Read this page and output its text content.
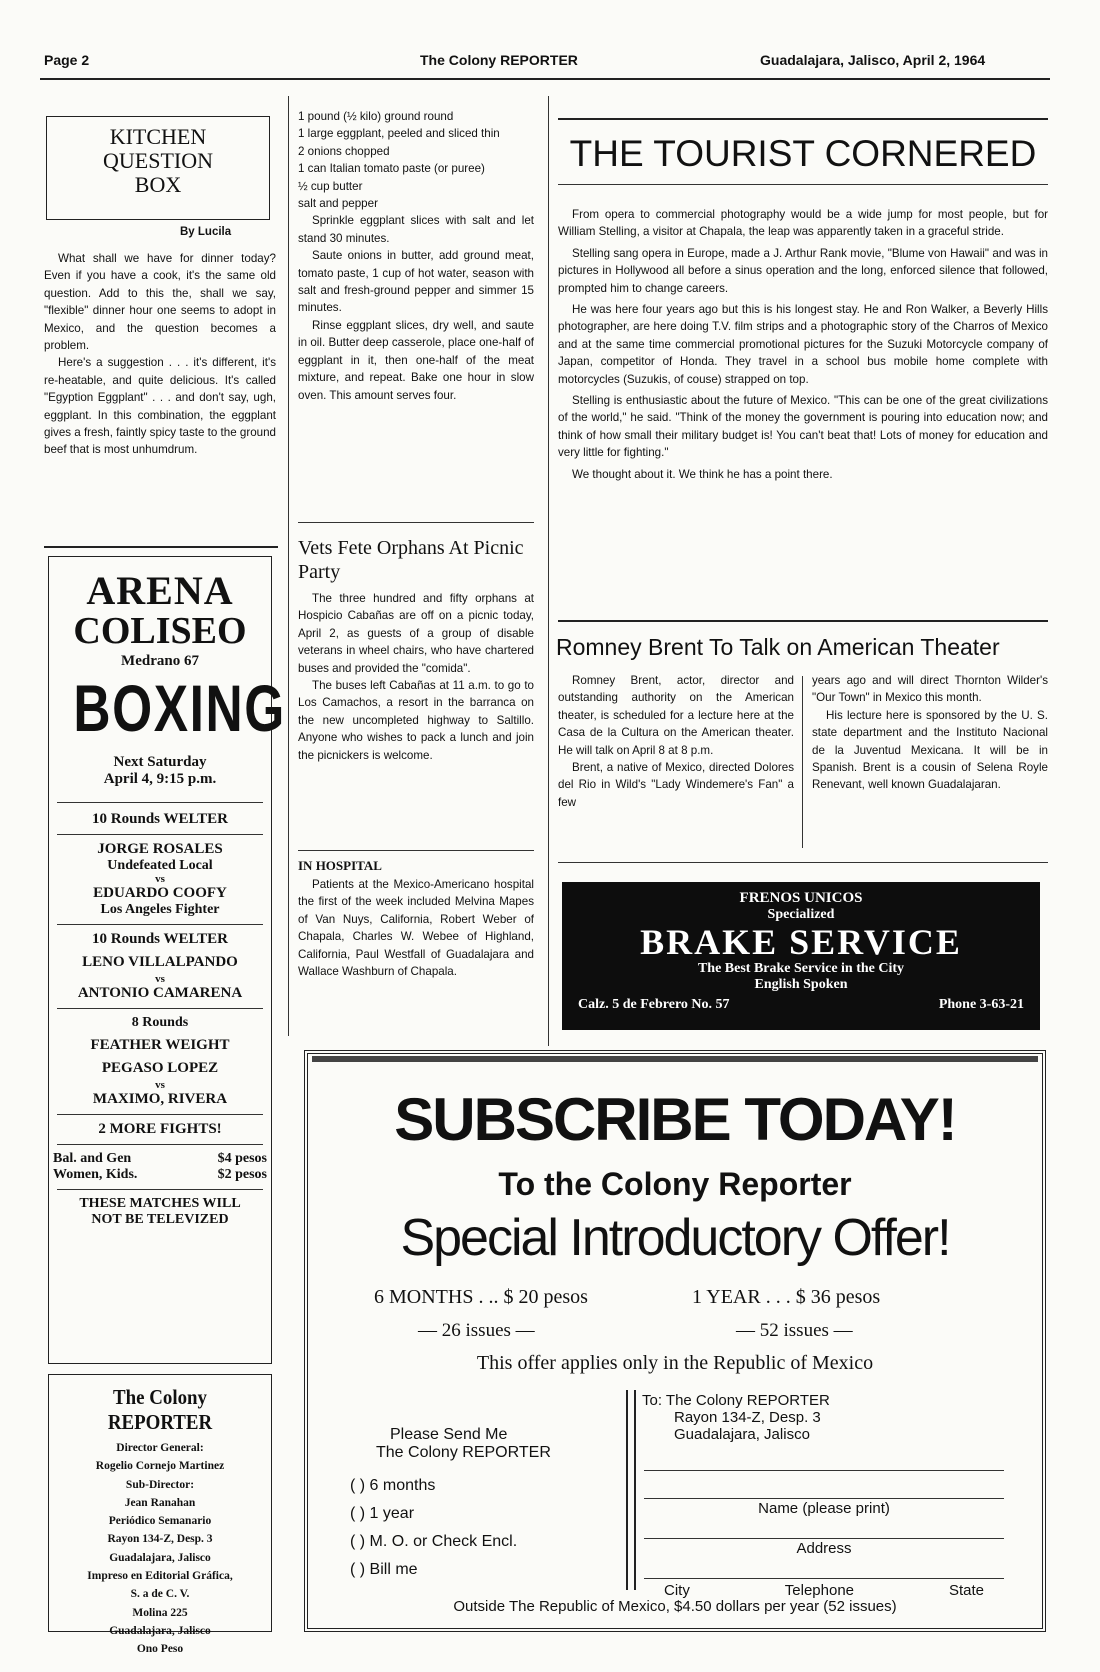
Page 2	The Colony REPORTER	Guadalajara, Jalisco, April 2, 1964
KITCHEN
QUESTION
BOX
By Lucila

What shall we have for dinner today? Even if you have a cook, it's the same old question. Add to this the, shall we say, "flexible" dinner hour one seems to adopt in Mexico, and the question becomes a problem.

Here's a suggestion . . . it's different, it's re-heatable, and quite delicious. It's called "Egyption Eggplant" . . . and don't say, ugh, eggplant. In this combination, the eggplant gives a fresh, faintly spicy taste to the ground beef that is most unhumdrum.

ARENA
COLISEO
Medrano 67
BOXING
Next Saturday
April 4, 9:15 p.m.
10 Rounds WELTER
JORGE ROSALES
Undefeated Local
vs
EDUARDO COOFY
Los Angeles Fighter
10 Rounds WELTER
LENO VILLALPANDO
vs
ANTONIO CAMARENA
8 Rounds
FEATHER WEIGHT
PEGASO LOPEZ
vs
MAXIMO, RIVERA
2 MORE FIGHTS!
Bal. and Gen	$4 pesos
Women, Kids.	$2 pesos
THESE MATCHES WILL
NOT BE TELEVIZED
The Colony REPORTER
Director General:
Rogelio Cornejo Martinez
Sub-Director:
Jean Ranahan
Periódico Semanario
Rayon 134-Z, Desp. 3
Guadalajara, Jalisco
Impreso en Editorial Gráfica,
S. a de C. V.
Molina 225
Guadalajara, Jalisco
Ono Peso

1 pound (½ kilo) ground round

1 large eggplant, peeled and sliced thin

2 onions chopped

1 can Italian tomato paste (or puree)

½ cup butter

salt and pepper

Sprinkle eggplant slices with salt and let stand 30 minutes.

Saute onions in butter, add ground meat, tomato paste, 1 cup of hot water, season with salt and fresh-ground pepper and simmer 15 minutes.

Rinse eggplant slices, dry well, and saute in oil. Butter deep casserole, place one-half of eggplant in it, then one-half of the meat mixture, and repeat. Bake one hour in slow oven. This amount serves four.

Vets Fete Orphans At Picnic Party

The three hundred and fifty orphans at Hospicio Cabañas are off on a picnic today, April 2, as guests of a group of disable veterans in wheel chairs, who have chartered buses and provided the "comida".

The buses left Cabañas at 11 a.m. to go to Los Camachos, a resort in the barranca on the new uncompleted highway to Saltillo. Anyone who wishes to pack a lunch and join the picnickers is welcome.

IN HOSPITAL

Patients at the Mexico-Americano hospital the first of the week included Melvina Mapes of Van Nuys, California, Robert Weber of Chapala, Charles W. Webee of Highland, California, Paul Westfall of Guadalajara and Wallace Washburn of Chapala.

THE TOURIST CORNERED

From opera to commercial photography would be a wide jump for most people, but for William Stelling, a visitor at Chapala, the leap was apparently taken in a graceful stride.

Stelling sang opera in Europe, made a J. Arthur Rank movie, "Blume von Hawaii" and was in pictures in Hollywood all before a sinus operation and the long, enforced silence that followed, prompted him to change careers.

He was here four years ago but this is his longest stay. He and Ron Walker, a Beverly Hills photographer, are here doing T.V. film strips and a photographic story of the Charros of Mexico and at the same time commercial promotional pictures for the Suzuki Motorcycle company of Japan, competitor of Honda. They travel in a school bus mobile home complete with motorcycles (Suzukis, of couse) strapped on top.

Stelling is enthusiastic about the future of Mexico. "This can be one of the great civilizations of the world," he said. "Think of the money the government is pouring into education now; and think of how small their military budget is! You can't beat that! Lots of money for education and very little for fighting."

We thought about it. We think he has a point there.

Romney Brent To Talk on American Theater

Romney Brent, actor, director and outstanding authority on the American theater, is scheduled for a lecture here at the Casa de la Cultura on the American theater. He will talk on April 8 at 8 p.m.

Brent, a native of Mexico, directed Dolores del Rio in Wild's "Lady Windemere's Fan" a few

years ago and will direct Thornton Wilder's "Our Town" in Mexico this month.

His lecture here is sponsored by the U. S. state department and the Instituto Nacional de la Juventud Mexicana. It will be in Spanish. Brent is a cousin of Selena Royle Renevant, well known Guadalajaran.

FRENOS UNICOS
Specialized
BRAKE SERVICE
The Best Brake Service in the City
English Spoken
Calz. 5 de Febrero No. 57	Phone 3-63-21
SUBSCRIBE TODAY!
To the Colony Reporter
Special Introductory Offer!
6 MONTHS . .. $ 20 pesos
— 26 issues —
1 YEAR . . . $ 36 pesos
— 52 issues —
This offer applies only in the Republic of Mexico
Please Send Me
The Colony REPORTER
( ) 6 months
( ) 1 year
( ) M. O. or Check Encl.
( ) Bill me
To: The Colony REPORTER
Rayon 134-Z, Desp. 3
Guadalajara, Jalisco
Name (please print)
Address
City	Telephone	State
Outside The Republic of Mexico, $4.50 dollars per year (52 issues)
